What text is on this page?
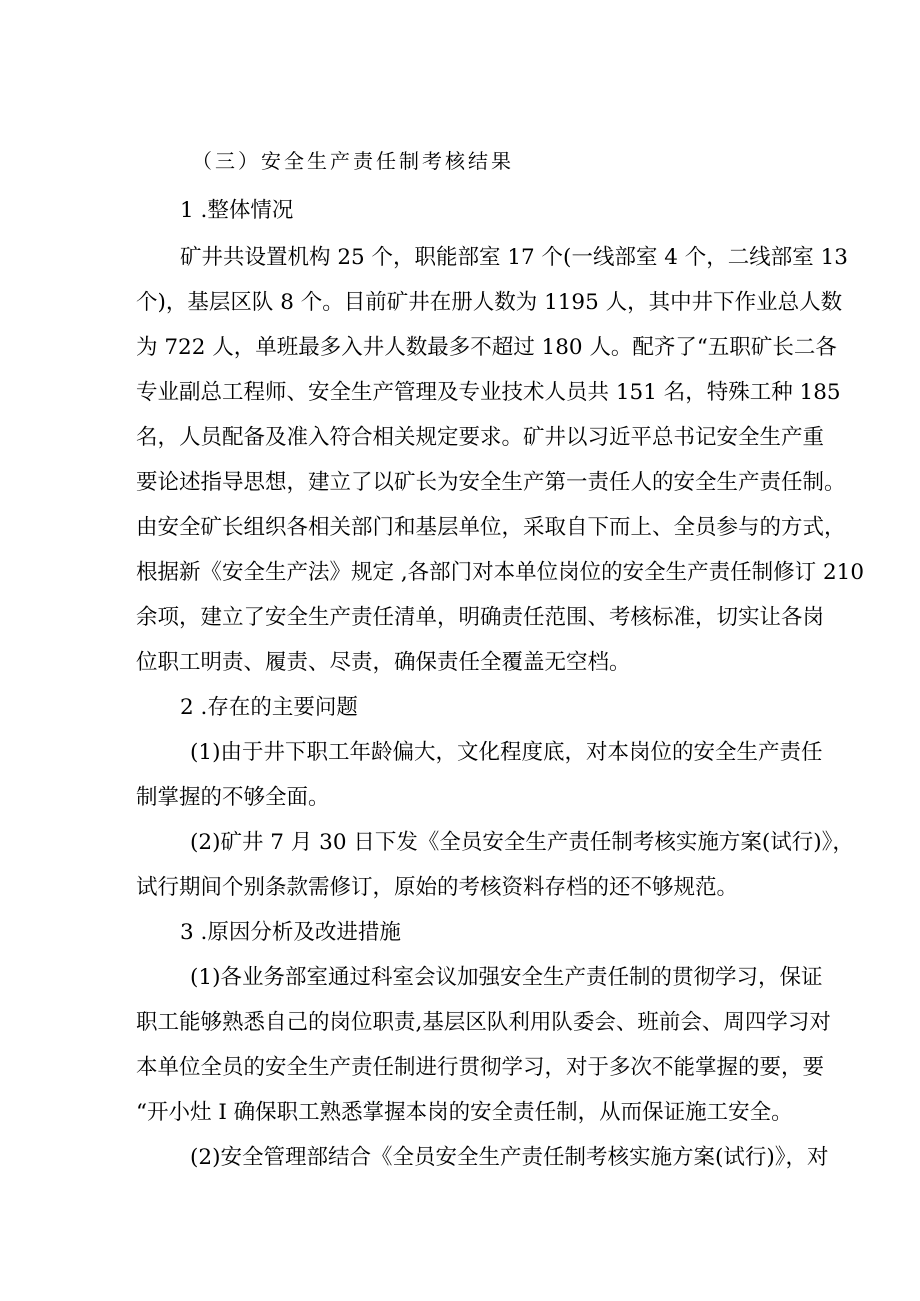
（三）安全生产责任制考核结果
1 .整体情况
矿井共设置机构 25 个，职能部室 17 个(一线部室 4 个，二线部室 13
个)，基层区队 8 个。目前矿井在册人数为 1195 人，其中井下作业总人数
为 722 人，单班最多入井人数最多不超过 180 人。配齐了“五职矿长二各
专业副总工程师、安全生产管理及专业技术人员共 151 名，特殊工种 185
名，人员配备及准入符合相关规定要求。矿井以习近平总书记安全生产重
要论述指导思想，建立了以矿长为安全生产第一责任人的安全生产责任制。
由安全矿长组织各相关部门和基层单位，采取自下而上、全员参与的方式，
根据新《安全生产法》规定 ,各部门对本单位岗位的安全生产责任制修订 210
余项，建立了安全生产责任清单，明确责任范围、考核标准，切实让各岗
位职工明责、履责、尽责，确保责任全覆盖无空档。
2 .存在的主要问题
(1)由于井下职工年龄偏大，文化程度底，对本岗位的安全生产责任
制掌握的不够全面。
(2)矿井 7 月 30 日下发《全员安全生产责任制考核实施方案(试行)》，
试行期间个别条款需修订，原始的考核资料存档的还不够规范。
3 .原因分析及改进措施
(1)各业务部室通过科室会议加强安全生产责任制的贯彻学习，保证
职工能够熟悉自己的岗位职责,基层区队利用队委会、班前会、周四学习对
本单位全员的安全生产责任制进行贯彻学习，对于多次不能掌握的要，要
“开小灶 I 确保职工熟悉掌握本岗的安全责任制，从而保证施工安全。
(2)安全管理部结合《全员安全生产责任制考核实施方案(试行)》，对
